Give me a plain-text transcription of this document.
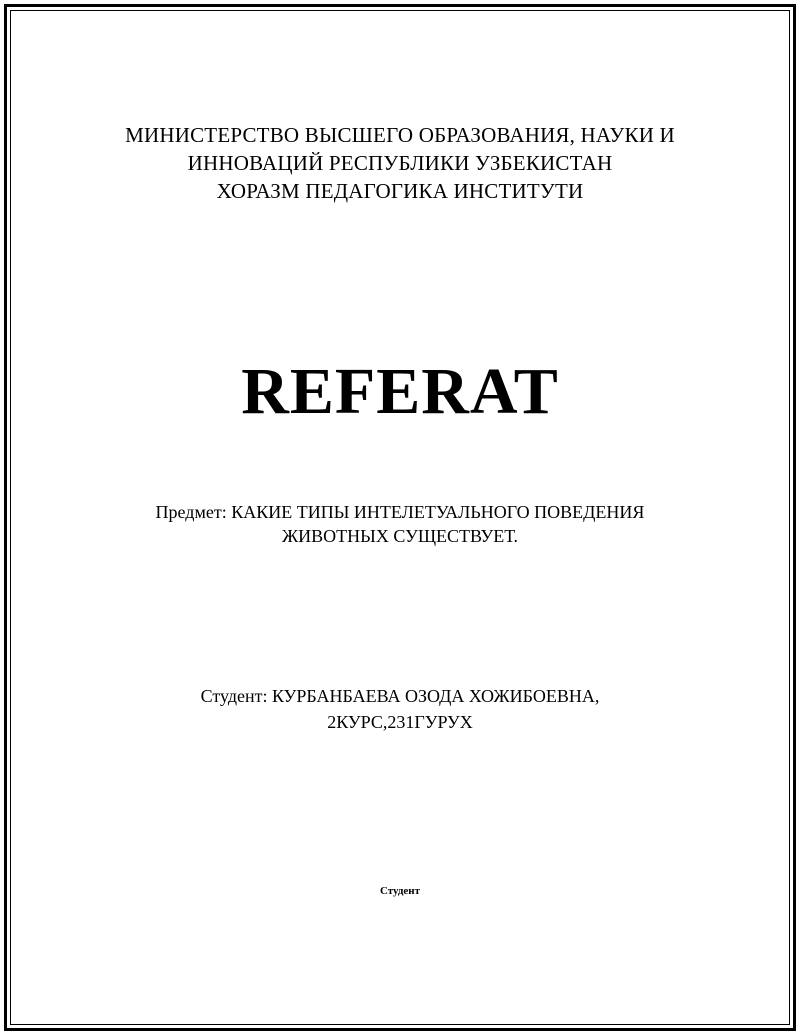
МИНИСТЕРСТВО ВЫСШЕГО ОБРАЗОВАНИЯ, НАУКИ И
ИННОВАЦИЙ РЕСПУБЛИКИ УЗБЕКИСТАН
ХОРАЗМ ПЕДАГОГИКА ИНСТИТУТИ
REFERAT
Предмет: КАКИЕ ТИПЫ ИНТЕЛЕТУАЛЬНОГО ПОВЕДЕНИЯ
ЖИВОТНЫХ СУЩЕСТВУЕТ.
Студент: КУРБАНБАЕВА ОЗОДА ХОЖИБОЕВНА,
2КУРС,231ГУРУХ
Студент
